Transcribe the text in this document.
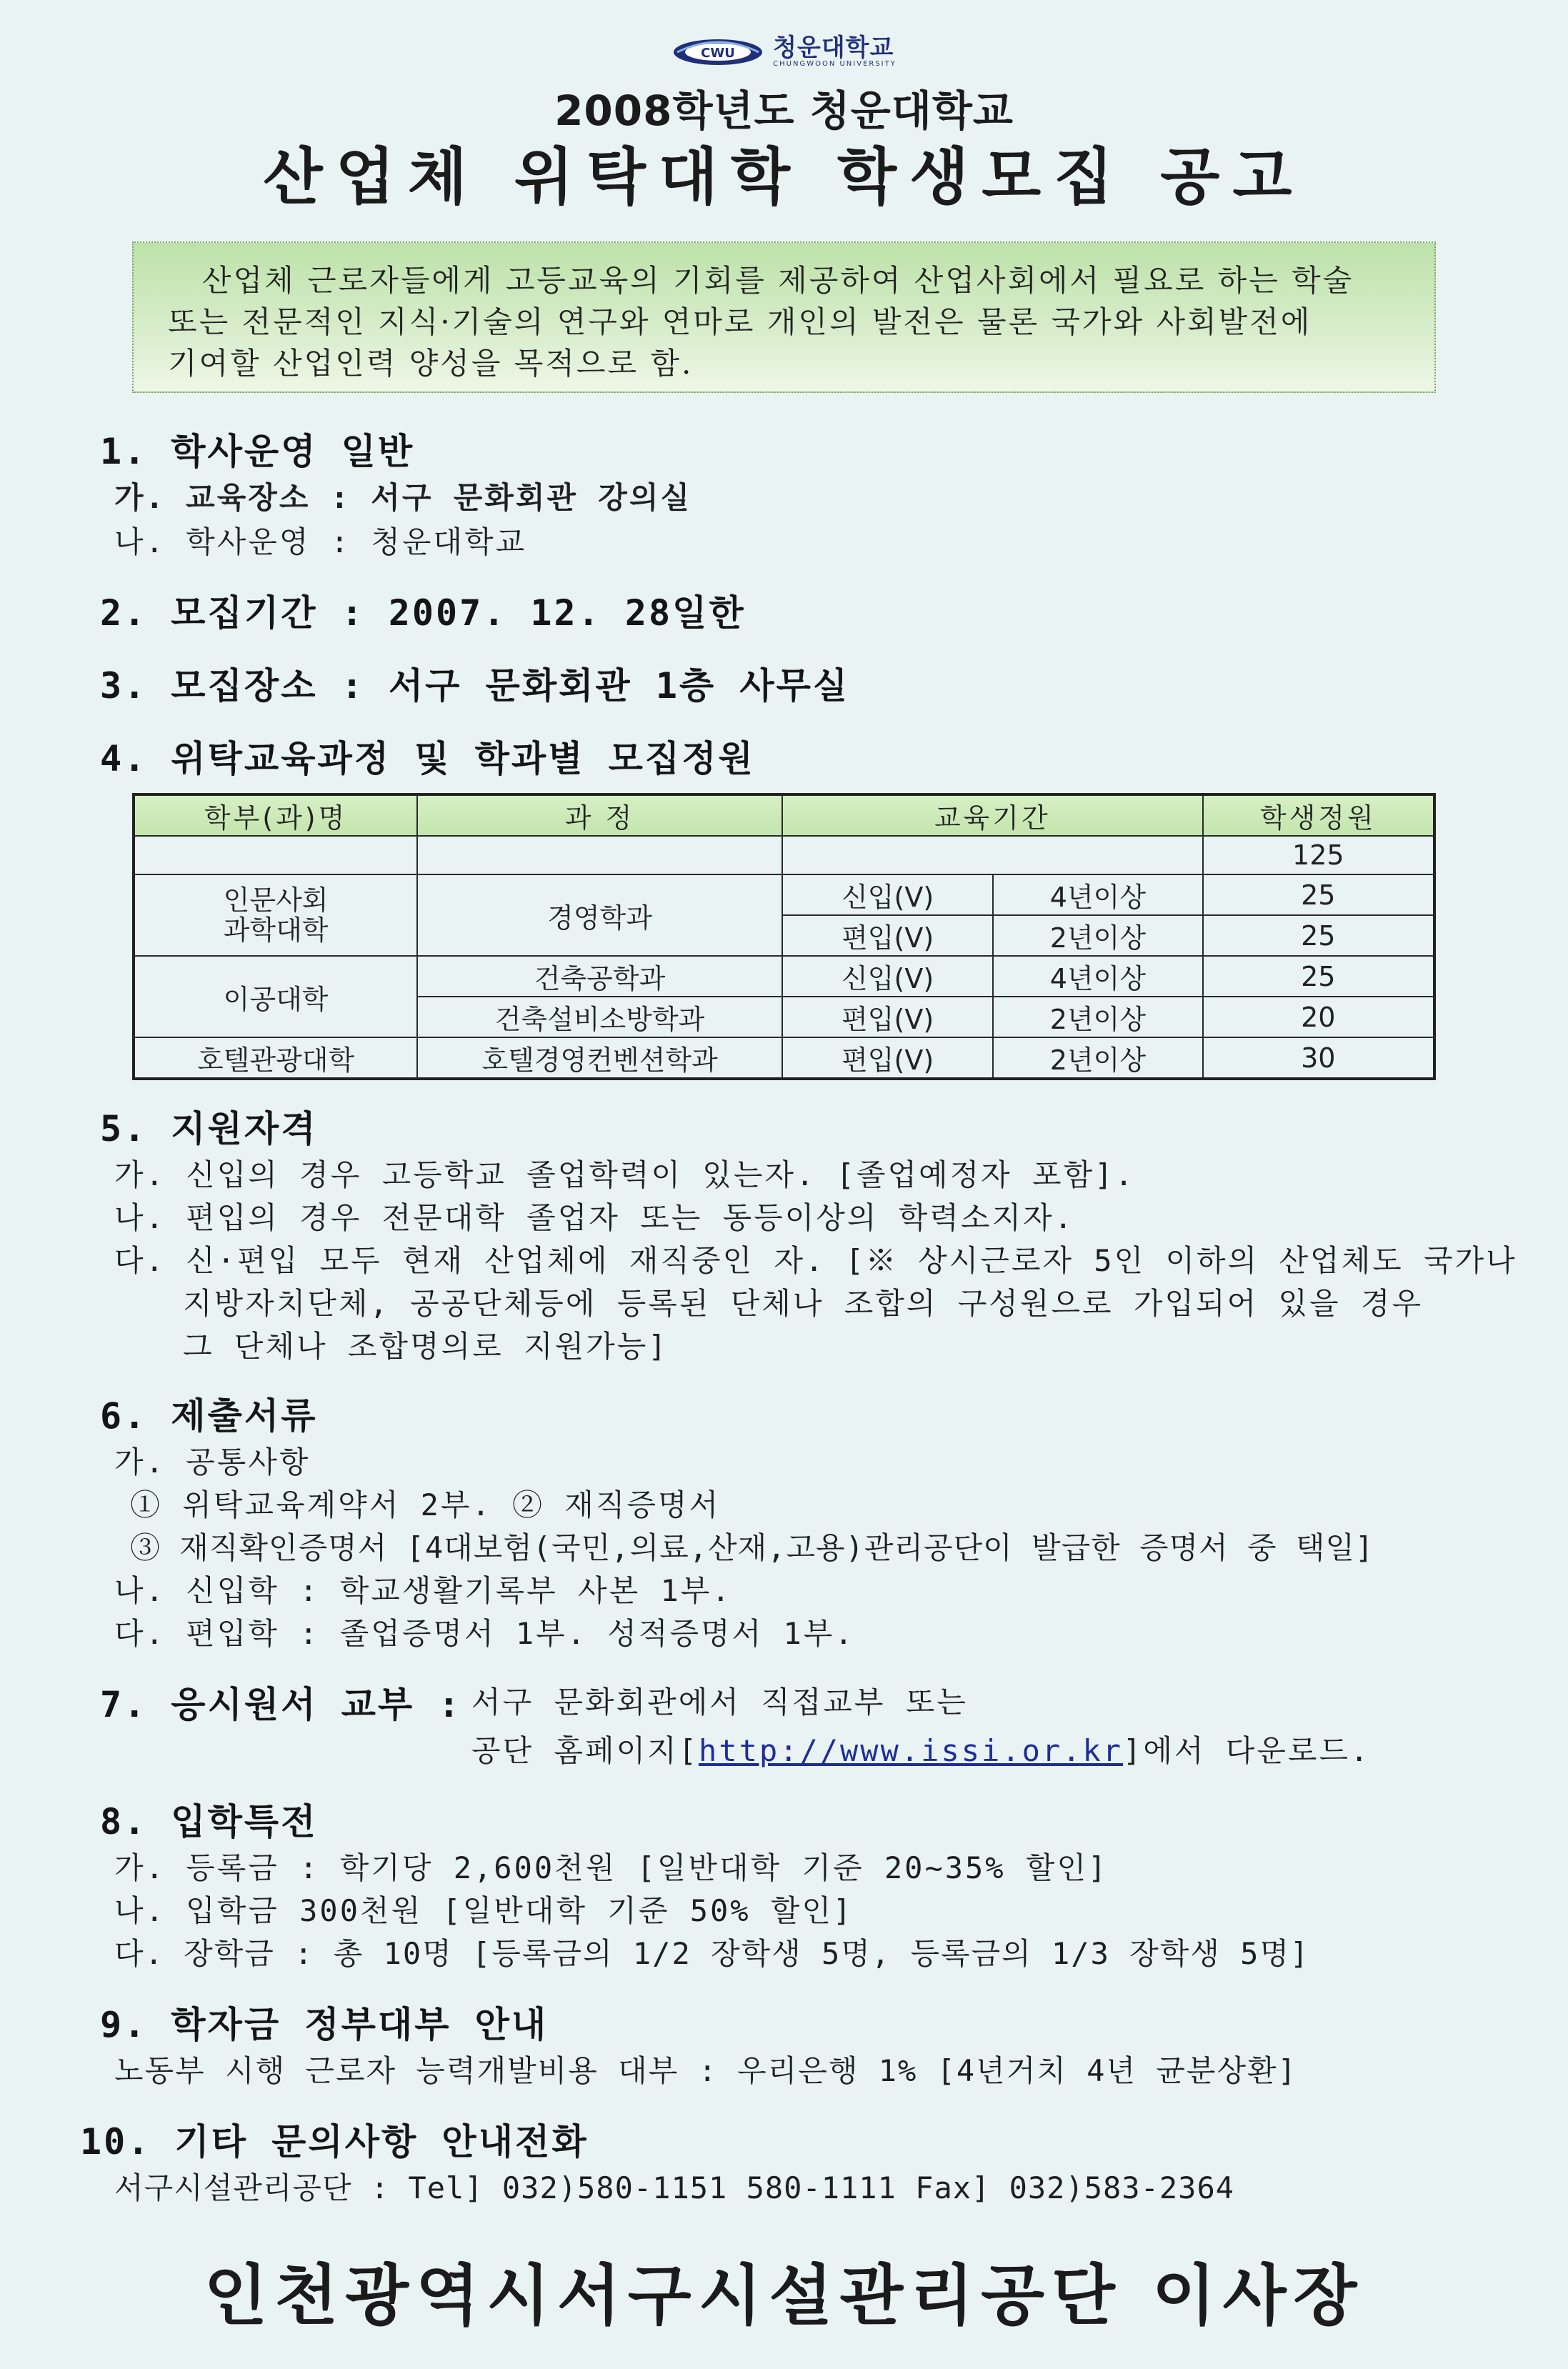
CWU 청운대학교
CHUNGWOON UNIVERSITY
2008학년도 청운대학교
산업체 위탁대학 학생모집 공고
산업체 근로자들에게 고등교육의 기회를 제공하여 산업사회에서 필요로 하는 학술
또는 전문적인 지식·기술의 연구와 연마로 개인의 발전은 물론 국가와 사회발전에
기여할 산업인력 양성을 목적으로 함.
1. 학사운영 일반
가. 교육장소 : 서구 문화회관 강의실
나. 학사운영 : 청운대학교
2. 모집기간 : 2007. 12. 28일한
3. 모집장소 : 서구 문화회관 1층 사무실
4. 위탁교육과정 및 학과별 모집정원
학부(과)명	과 정	교육기간		학생정원
				125
인문사회
과학대학	경영학과	신입(V)	4년이상	25
		편입(V)	2년이상	25
이공대학	건축공학과	신입(V)	4년이상	25
	건축설비소방학과	편입(V)	2년이상	20
호텔관광대학	호텔경영컨벤션학과	편입(V)	2년이상	30
5. 지원자격
가. 신입의 경우 고등학교 졸업학력이 있는자. [졸업예정자 포함].
나. 편입의 경우 전문대학 졸업자 또는 동등이상의 학력소지자.
다. 신·편입 모두 현재 산업체에 재직중인 자. [※ 상시근로자 5인 이하의 산업체도 국가나
지방자치단체, 공공단체등에 등록된 단체나 조합의 구성원으로 가입되어 있을 경우
그 단체나 조합명의로 지원가능]
6. 제출서류
가. 공통사항
① 위탁교육계약서 2부. ② 재직증명서
③ 재직확인증명서 [4대보험(국민,의료,산재,고용)관리공단이 발급한 증명서 중 택일]
나. 신입학 : 학교생활기록부 사본 1부.
다. 편입학 : 졸업증명서 1부. 성적증명서 1부.
7. 응시원서 교부 : 서구 문화회관에서 직접교부 또는
공단 홈페이지[http://www.issi.or.kr]에서 다운로드.
8. 입학특전
가. 등록금 : 학기당 2,600천원 [일반대학 기준 20~35% 할인]
나. 입학금 300천원 [일반대학 기준 50% 할인]
다. 장학금 : 총 10명 [등록금의 1/2 장학생 5명, 등록금의 1/3 장학생 5명]
9. 학자금 정부대부 안내
노동부 시행 근로자 능력개발비용 대부 : 우리은행 1% [4년거치 4년 균분상환]
10. 기타 문의사항 안내전화
서구시설관리공단 : Tel] 032)580-1151 580-1111 Fax] 032)583-2364
인천광역시서구시설관리공단 이사장
